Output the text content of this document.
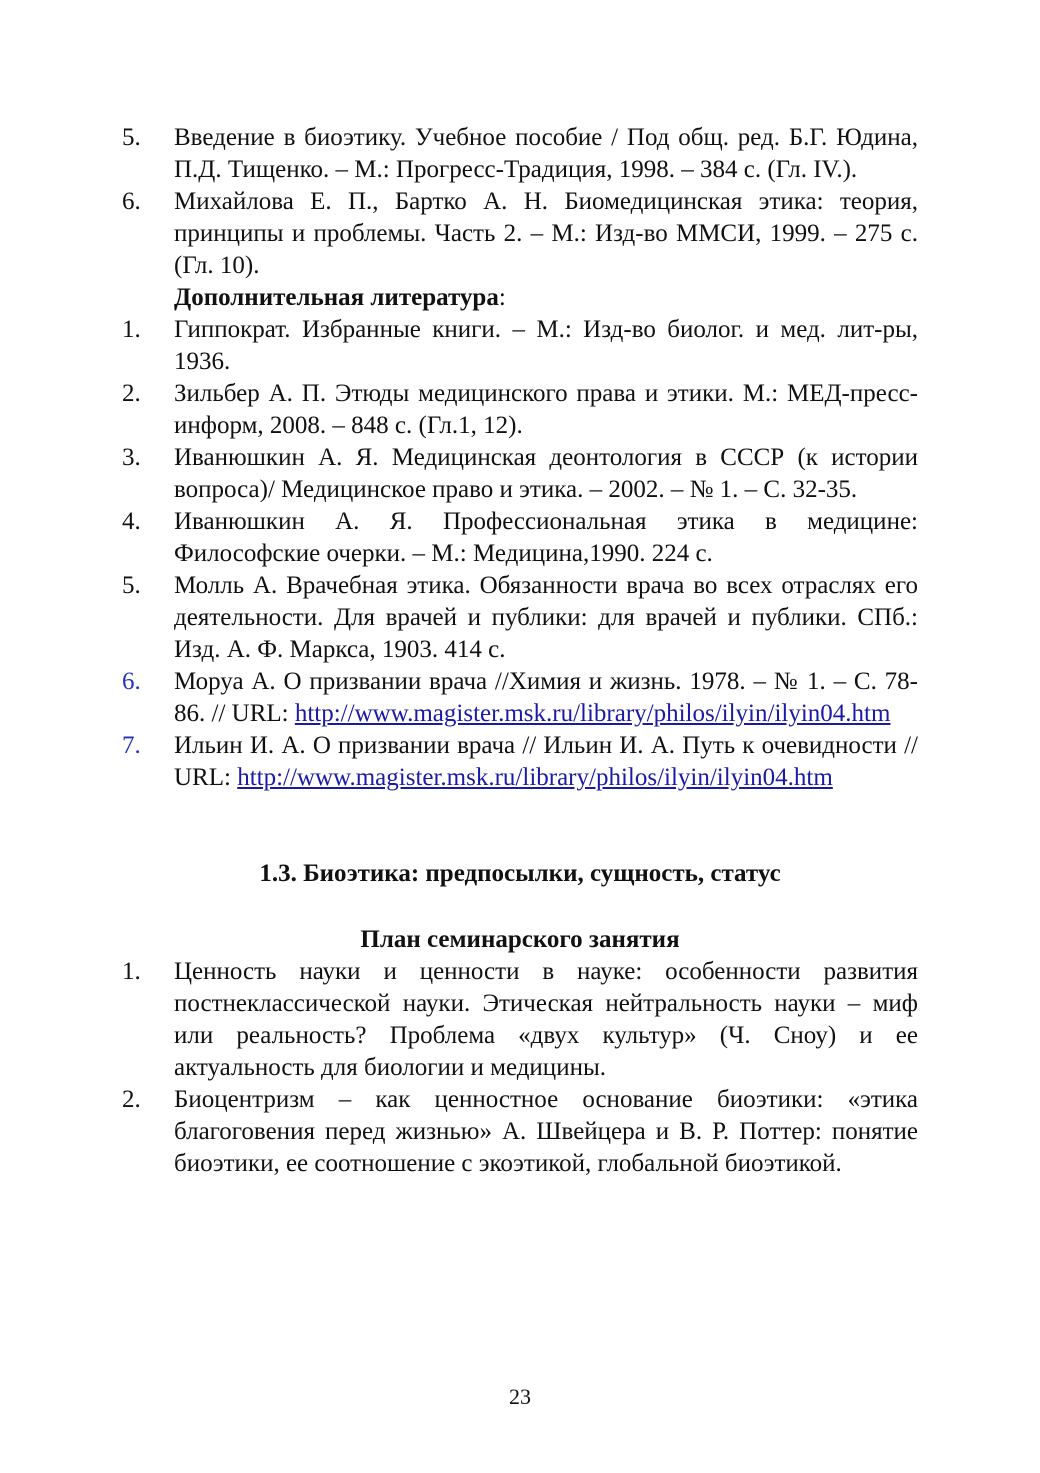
5.	Введение в биоэтику. Учебное пособие / Под общ. ред. Б.Г. Юдина, П.Д. Тищенко. – М.: Прогресс-Традиция, 1998. – 384 с. (Гл. IV.).
6.	Михайлова Е. П., Бартко А. Н. Биомедицинская этика: теория, принципы и проблемы. Часть 2. – М.: Изд-во ММСИ, 1999. – 275 с. (Гл. 10).
Дополнительная литература:
1.	Гиппократ. Избранные книги. – М.: Изд-во биолог. и мед. лит-ры, 1936.
2.	Зильбер А. П. Этюды медицинского права и этики. М.: МЕД-пресс-информ, 2008. – 848 с. (Гл.1, 12).
3.	Иванюшкин А. Я. Медицинская деонтология в СССР (к истории вопроса)/ Медицинское право и этика. – 2002. – № 1. – С. 32-35.
4.	Иванюшкин А. Я. Профессиональная этика в медицине: Философские очерки. – М.: Медицина,1990. 224 с.
5.	Молль А. Врачебная этика. Обязанности врача во всех отраслях его деятельности. Для врачей и публики: для врачей и публики. СПб.: Изд. А. Ф. Маркса, 1903. 414 с.
6.	Моруа А. О призвании врача //Химия и жизнь. 1978. – № 1. – С. 78-86. // URL: http://www.magister.msk.ru/library/philos/ilyin/ilyin04.htm
7.	Ильин И. А. О призвании врача // Ильин И. А. Путь к очевидности // URL: http://www.magister.msk.ru/library/philos/ilyin/ilyin04.htm
1.3. Биоэтика: предпосылки, сущность, статус
План семинарского занятия
1.	Ценность науки и ценности в науке: особенности развития постнеклассической науки. Этическая нейтральность науки – миф или реальность? Проблема «двух культур» (Ч. Сноу) и ее актуальность для биологии и медицины.
2.	Биоцентризм – как ценностное основание биоэтики: «этика благоговения перед жизнью» А. Швейцера и В. Р. Поттер: понятие биоэтики, ее соотношение с экоэтикой, глобальной биоэтикой.
23
